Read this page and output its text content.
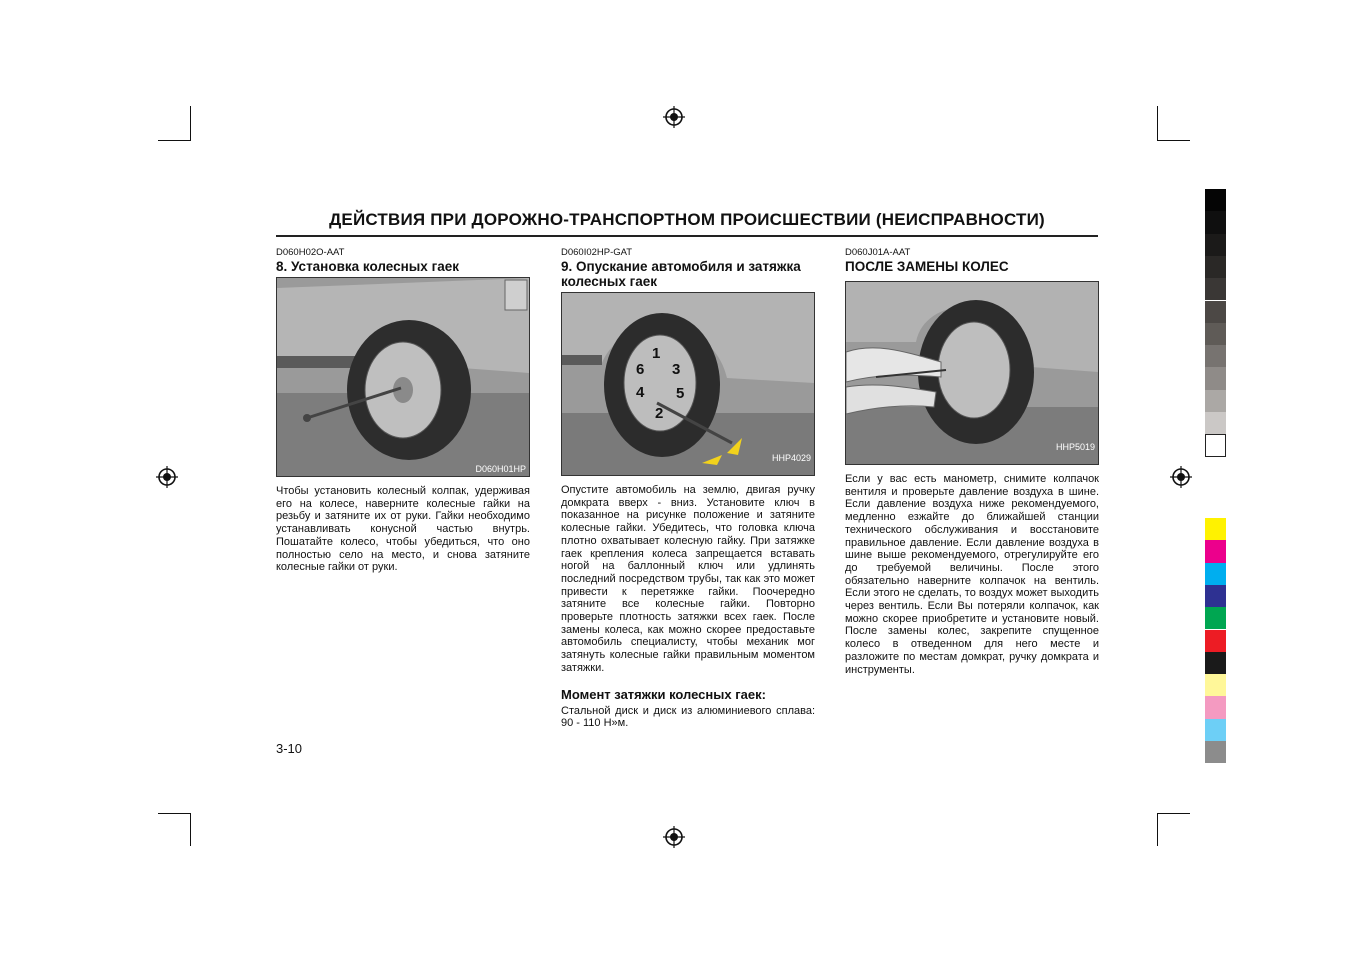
ДЕЙСТВИЯ ПРИ ДОРОЖНО-ТРАНСПОРТНОМ ПРОИСШЕСТВИИ (НЕИСПРАВНОСТИ)
D060H02O-AAT
8. Установка колесных гаек
D060H01HP
Чтобы установить колесный колпак, удерживая его на колесе, наверните колесные гайки на резьбу и затяните их от руки. Гайки необходимо устанавливать конусной частью внутрь. Пошатайте колесо, чтобы убедиться, что оно полностью село на место, и снова затяните колесные гайки от руки.
D060I02HP-GAT
9. Опускание автомобиля и затяжка колесных гаек
1
3
5
2
4
6
HHP4029
Опустите автомобиль на землю, двигая ручку домкрата вверх - вниз. Установите ключ в показанное на рисунке положение и затяните колесные гайки. Убедитесь, что головка ключа плотно охватывает колесную гайку. При затяжке гаек крепления колеса запрещается вставать ногой на баллонный ключ или удлинять последний посредством трубы, так как это может привести к перетяжке гайки. Поочередно затяните все колесные гайки. Повторно проверьте плотность затяжки всех гаек. После замены колеса, как можно скорее предоставьте автомобиль специалисту, чтобы механик мог затянуть колесные гайки правильным моментом затяжки.
Момент затяжки колесных гаек:
Стальной диск и диск из алюминиевого сплава: 90 - 110 Н»м.
D060J01A-AAT
ПОСЛЕ ЗАМЕНЫ КОЛЕС
HHP5019
Если у вас есть манометр, снимите колпачок вентиля и проверьте давление воздуха в шине. Если давление воздуха ниже рекомендуемого, медленно езжайте до ближайшей станции технического обслуживания и восстановите правильное давление. Если давление воздуха в шине выше рекомендуемого, отрегулируйте его до требуемой величины. После этого обязательно наверните колпачок на вентиль. Если этого не сделать, то воздух может выходить через вентиль. Если Вы потеряли колпачок, как можно скорее приобретите и установите новый. После замены колес, закрепите спущенное колесо в отведенном для него месте и разложите по местам домкрат, ручку домкрата и инструменты.
3-10
